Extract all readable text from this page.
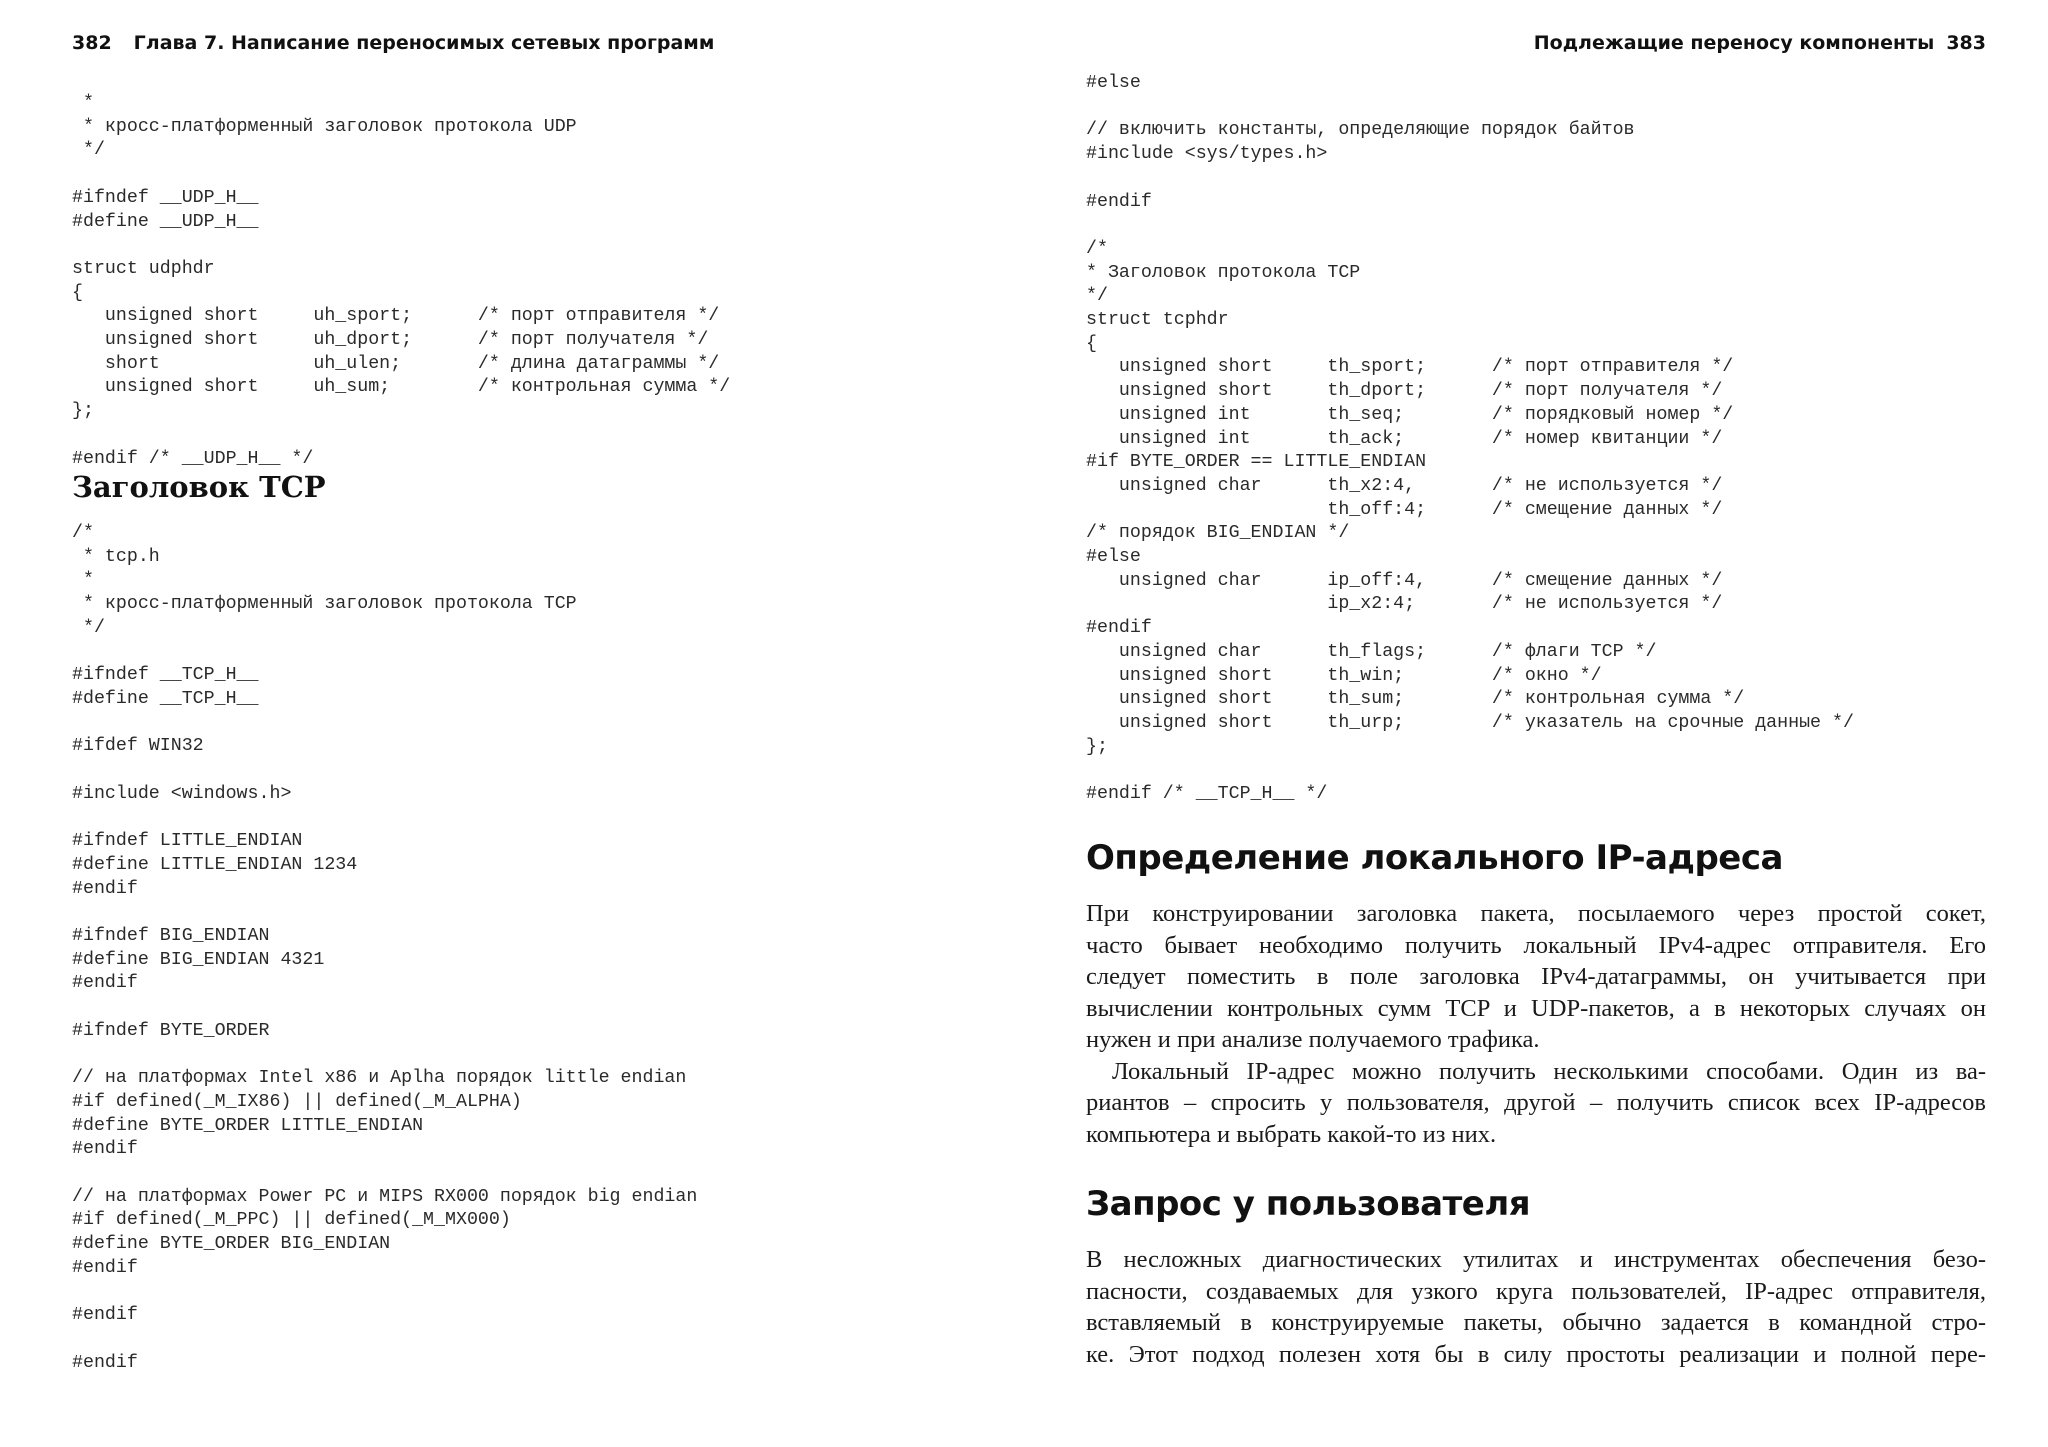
382 Глава 7. Написание переносимых сетевых программ
*
* кросс-платформенный заголовок протокола UDP
*/

#ifndef __UDP_H__
#define __UDP_H__

struct udphdr
{
unsigned short     uh_sport;      /* порт отправителя */
unsigned short     uh_dport;      /* порт получателя */
short              uh_ulen;       /* длина датаграммы */
unsigned short     uh_sum;        /* контрольная сумма */
};

#endif /* __UDP_H__ */
Заголовок TCP
/*
* tcp.h
*
* кросс-платформенный заголовок протокола TCP
*/

#ifndef __TCP_H__
#define __TCP_H__

#ifdef WIN32

#include <windows.h>

#ifndef LITTLE_ENDIAN
#define LITTLE_ENDIAN 1234
#endif

#ifndef BIG_ENDIAN
#define BIG_ENDIAN 4321
#endif

#ifndef BYTE_ORDER

// на платформах Intel x86 и Aplha порядок little endian
#if defined(_M_IX86) || defined(_M_ALPHA)
#define BYTE_ORDER LITTLE_ENDIAN
#endif

// на платформах Power PC и MIPS RX000 порядок big endian
#if defined(_M_PPC) || defined(_M_MX000)
#define BYTE_ORDER BIG_ENDIAN
#endif

#endif

#endif
Подлежащие переносу компоненты 383
#else

// включить константы, определяющие порядок байтов
#include <sys/types.h>

#endif

/*
* Заголовок протокола TCP
*/
struct tcphdr
{
unsigned short     th_sport;      /* порт отправителя */
unsigned short     th_dport;      /* порт получателя */
unsigned int       th_seq;        /* порядковый номер */
unsigned int       th_ack;        /* номер квитанции */
#if BYTE_ORDER == LITTLE_ENDIAN
unsigned char      th_x2:4,       /* не используется */
th_off:4;      /* смещение данных */
/* порядок BIG_ENDIAN */
#else
unsigned char      ip_off:4,      /* смещение данных */
ip_x2:4;       /* не используется */
#endif
unsigned char      th_flags;      /* флаги TCP */
unsigned short     th_win;        /* окно */
unsigned short     th_sum;        /* контрольная сумма */
unsigned short     th_urp;        /* указатель на срочные данные */
};

#endif /* __TCP_H__ */
Определение локального IP-адреса
При конструировании заголовка пакета, посылаемого через простой сокет,
часто бывает необходимо получить локальный IPv4-адрес отправителя. Его
следует поместить в поле заголовка IPv4-датаграммы, он учитывается при
вычислении контрольных сумм TCP и UDP-пакетов, а в некоторых случаях он
нужен и при анализе получаемого трафика.
Локальный IP-адрес можно получить несколькими способами. Один из ва-
риантов – спросить у пользователя, другой – получить список всех IP-адресов
компьютера и выбрать какой-то из них.
Запрос у пользователя
В несложных диагностических утилитах и инструментах обеспечения безо-
пасности, создаваемых для узкого круга пользователей, IP-адрес отправителя,
вставляемый в конструируемые пакеты, обычно задается в командной стро-
ке. Этот подход полезен хотя бы в силу простоты реализации и полной пере-
